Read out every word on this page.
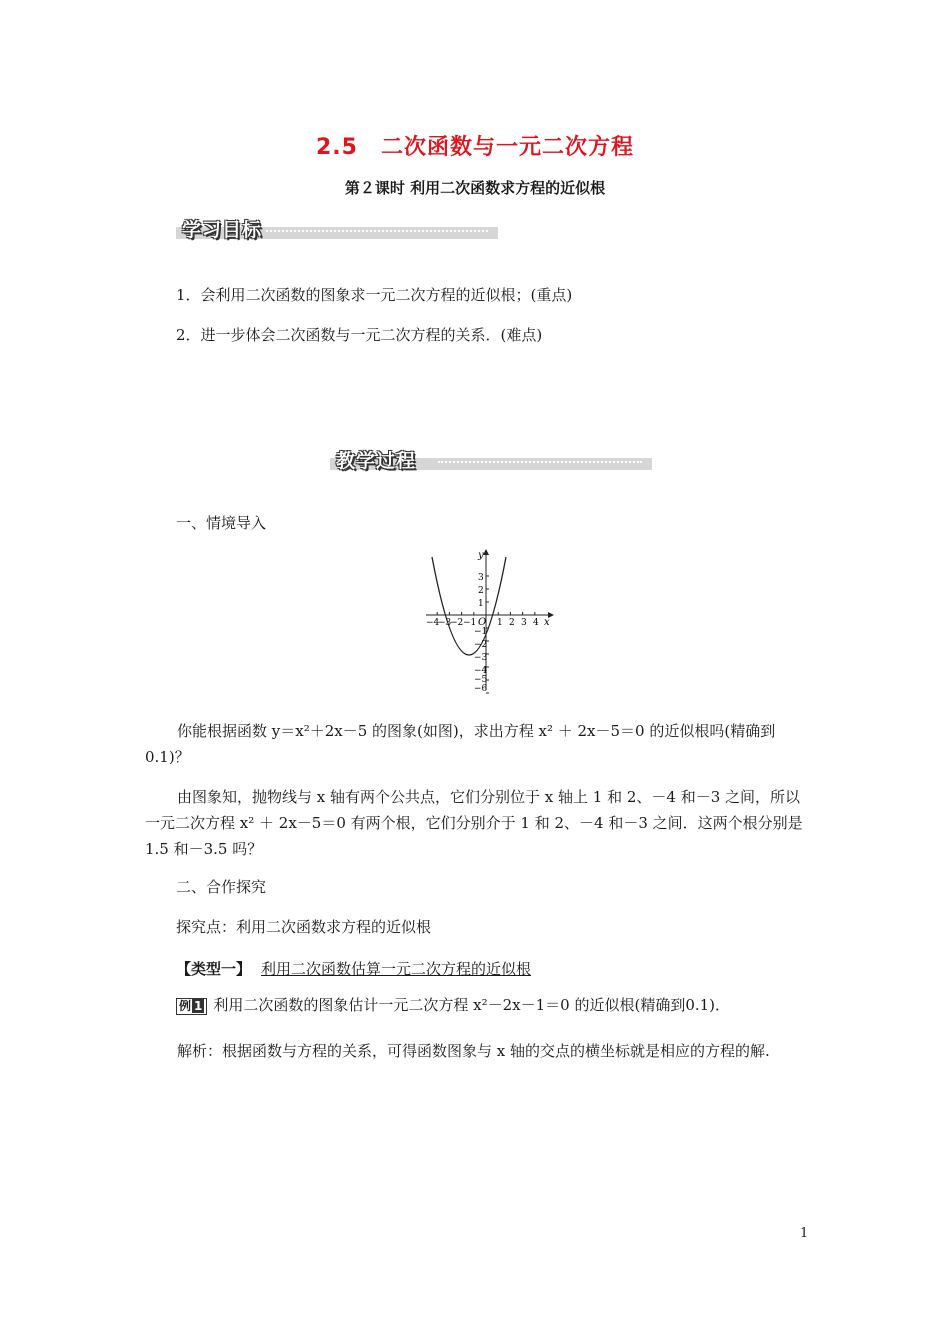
2.5　二次函数与一元二次方程
第２课时 利用二次函数求方程的近似根
学习目标
1．会利用二次函数的图象求一元二次方程的近似根；(重点)
2．进一步体会二次函数与一元二次方程的关系．(难点)
教学过程
一、情境导入
y
x
O
−4
−3
−2 −1 1 2 3 4
3
2
1
−1
−2
−3
−4
−5
−6
你能根据函数 y＝x²＋2x－5 的图象(如图)，求出方程 x² ＋ 2x－5＝0 的近似根吗(精确到0.1)？
由图象知，抛物线与 x 轴有两个公共点，它们分别位于 x 轴上 1 和 2、－4 和－3 之间，所以一元二次方程 x² ＋ 2x－5＝0 有两个根，它们分别介于 1 和 2、－4 和－3 之间．这两个根分别是 1.5 和－3.5 吗？
二、合作探究
探究点：利用二次函数求方程的近似根
【类型一】 利用二次函数估算一元二次方程的近似根
例 1 利用二次函数的图象估计一元二次方程 x²－2x－1＝0 的近似根(精确到0.1)．
解析：根据函数与方程的关系，可得函数图象与 x 轴的交点的横坐标就是相应的方程的解.
1
